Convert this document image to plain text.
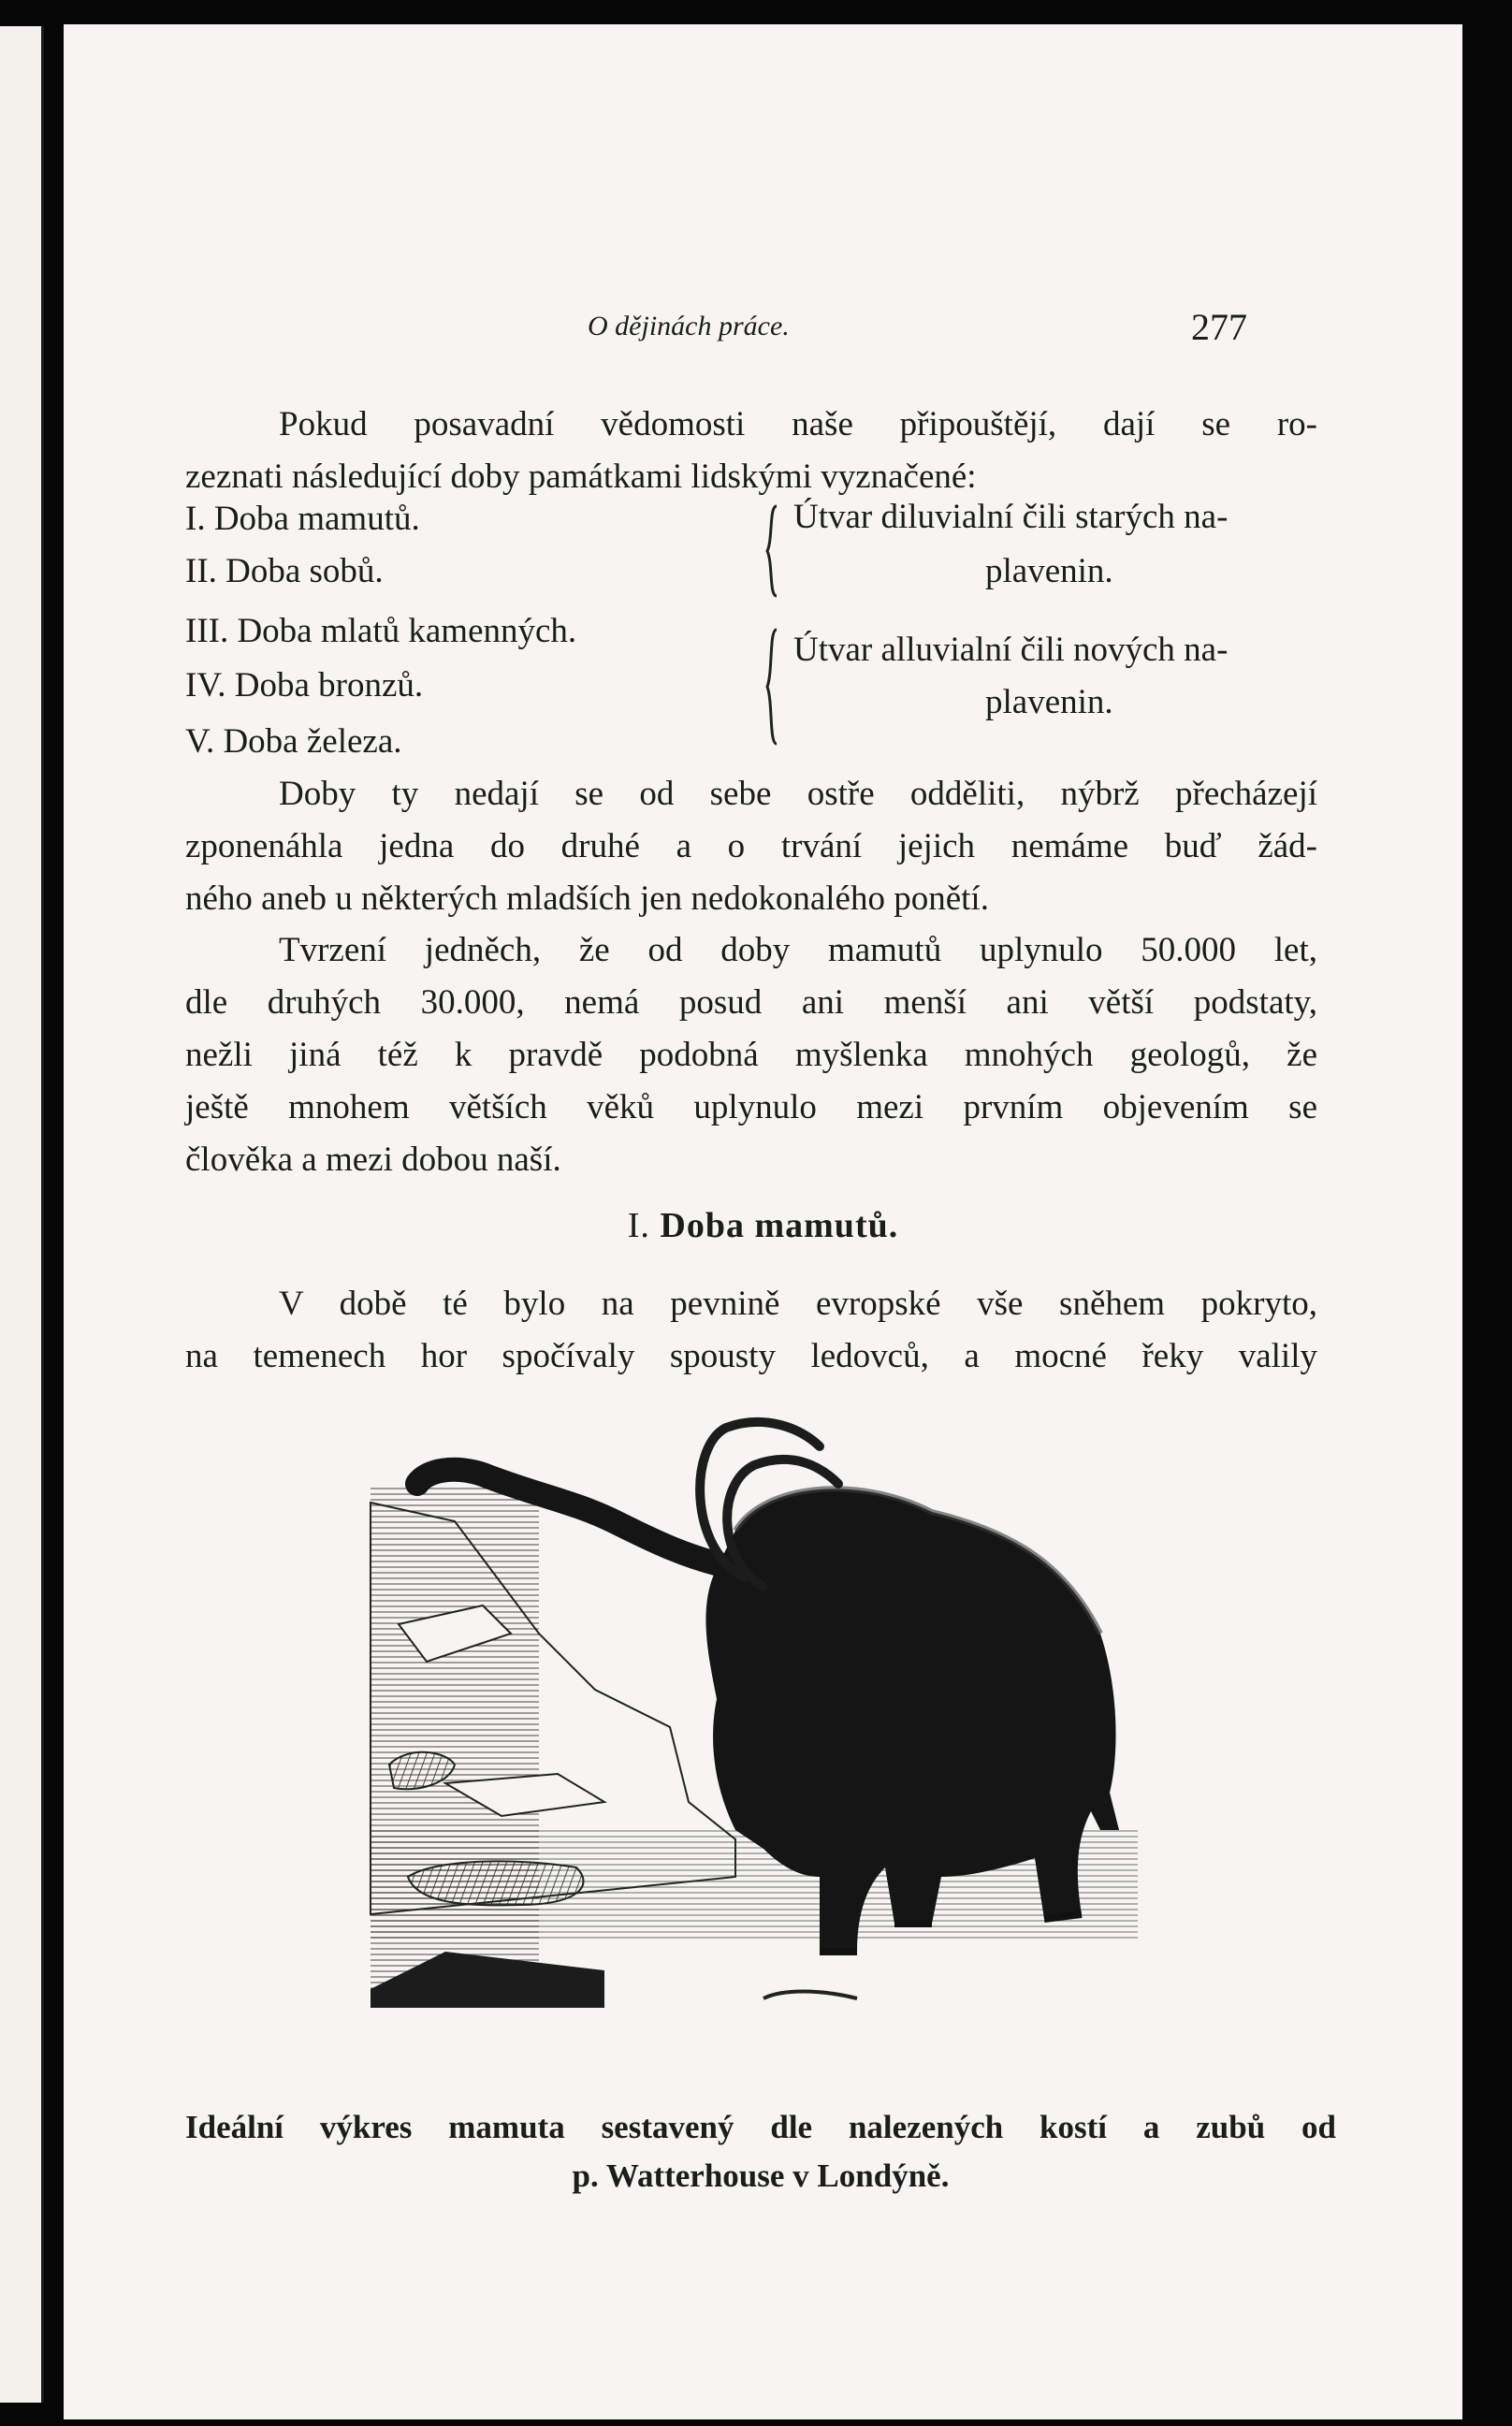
O dějinách práce.	277

Pokud posavadní vědomosti naše připouštějí, dají se ro-

zeznati následující doby památkami lidskými vyznačené:

I. Doba mamutů.
II. Doba sobů.
III. Doba mlatů kamenných.
IV. Doba bronzů.
V. Doba železa.
Útvar diluvialní čili starých na-
plavenin.
Útvar alluvialní čili nových na-
plavenin.

Doby ty nedají se od sebe ostře odděliti, nýbrž přecházejí

zponenáhla jedna do druhé a o trvání jejich nemáme buď žád-

ného aneb u některých mladších jen nedokonalého ponětí.

Tvrzení jedněch, že od doby mamutů uplynulo 50.000 let,

dle druhých 30.000, nemá posud ani menší ani větší podstaty,

nežli jiná též k pravdě podobná myšlenka mnohých geologů, že

ještě mnohem větších věků uplynulo mezi prvním objevením se

člověka a mezi dobou naší.

I. Doba mamutů.

V době té bylo na pevnině evropské vše sněhem pokryto,

na temenech hor spočívaly spousty ledovců, a mocné řeky valily

Ideální výkres mamuta sestavený dle nalezených kostí a zubů od

p. Watterhouse v Londýně.
